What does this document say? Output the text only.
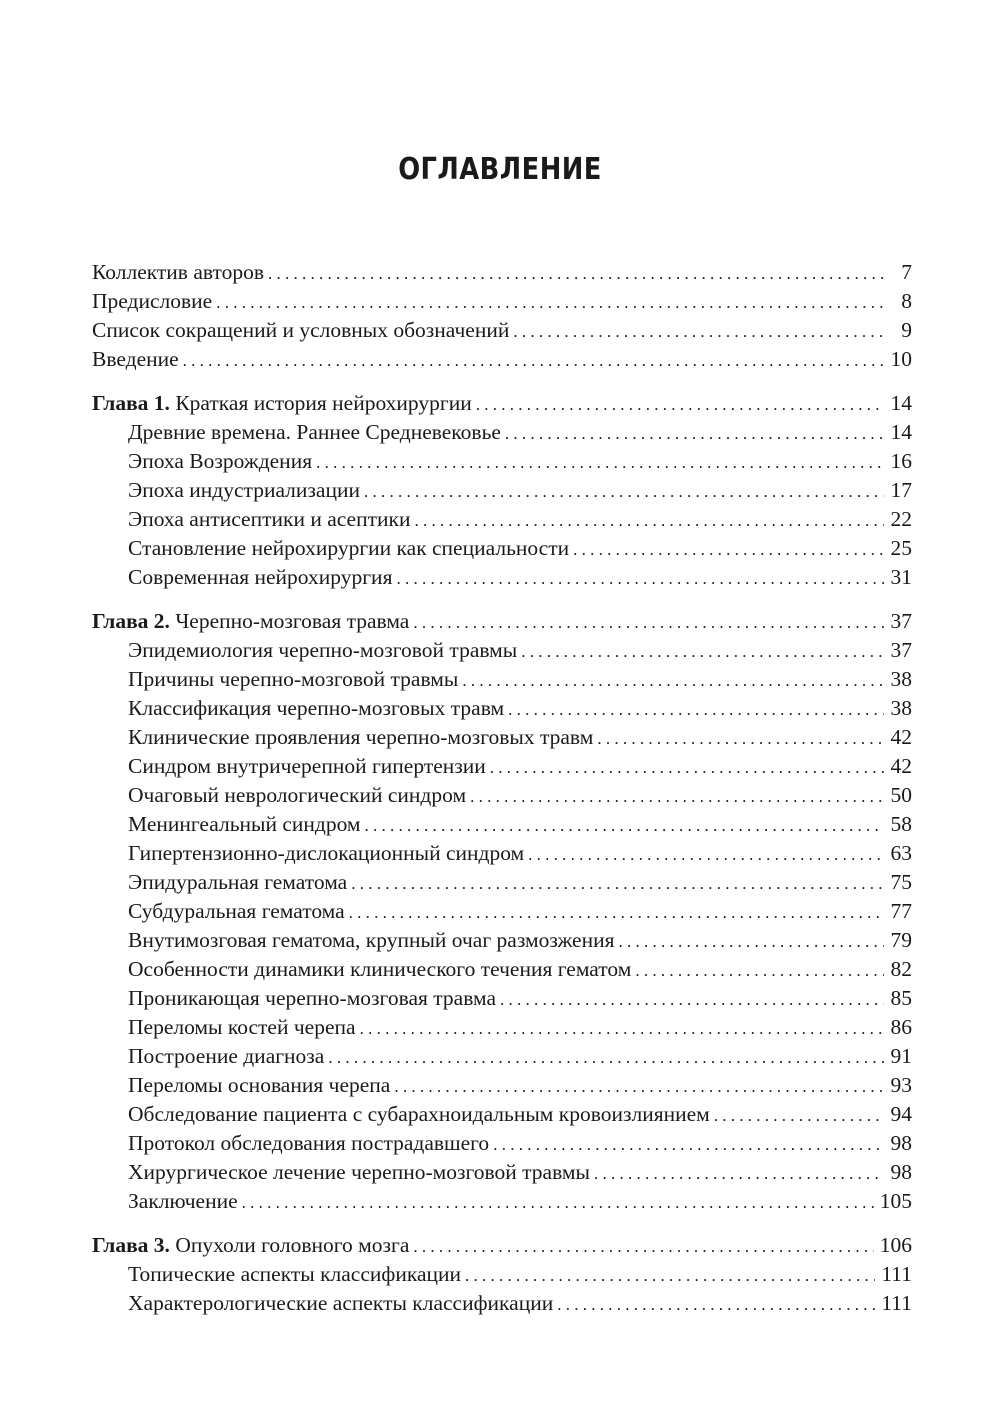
ОГЛАВЛЕНИЕ
Коллектив авторов . . .	7
Предисловие . . .	8
Список сокращений и условных обозначений . . .	9
Введение . . .	10
Глава 1. Краткая история нейрохирургии . . .	14
Древние времена. Раннее Средневековье . . .	14
Эпоха Возрождения . . .	16
Эпоха индустриализации . . .	17
Эпоха антисептики и асептики . . .	22
Становление нейрохирургии как специальности . . .	25
Современная нейрохирургия . . .	31
Глава 2. Черепно-мозговая травма . . .	37
Эпидемиология черепно-мозговой травмы . . .	37
Причины черепно-мозговой травмы . . .	38
Классификация черепно-мозговых травм . . .	38
Клинические проявления черепно-мозговых травм . . .	42
Синдром внутричерепной гипертензии . . .	42
Очаговый неврологический синдром . . .	50
Менингеальный синдром . . .	58
Гипертензионно-дислокационный синдром . . .	63
Эпидуральная гематома . . .	75
Субдуральная гематома . . .	77
Внутимозговая гематома, крупный очаг размозжения . . .	79
Особенности динамики клинического течения гематом . . .	82
Проникающая черепно-мозговая травма . . .	85
Переломы костей черепа . . .	86
Построение диагноза . . .	91
Переломы основания черепа . . .	93
Обследование пациента с субарахноидальным кровоизлиянием . . .	94
Протокол обследования пострадавшего . . .	98
Хирургическое лечение черепно-мозговой травмы . . .	98
Заключение . . .	105
Глава 3. Опухоли головного мозга . . .	106
Топические аспекты классификации . . .	111
Характерологические аспекты классификации . . .	111
